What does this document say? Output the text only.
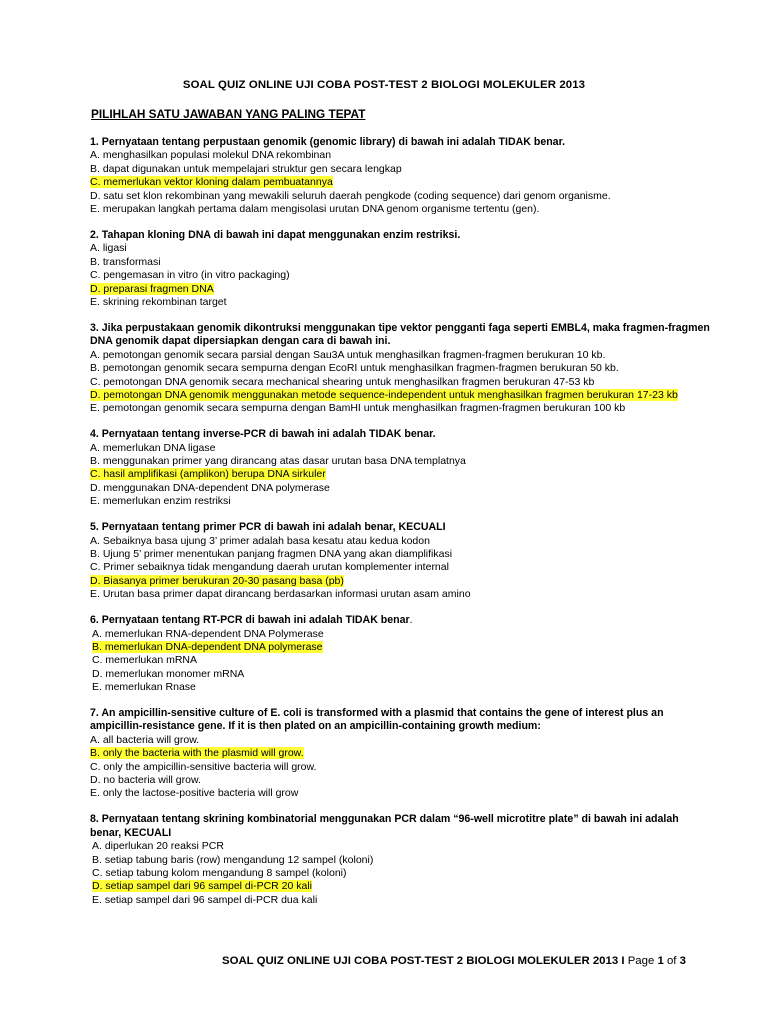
SOAL QUIZ ONLINE UJI COBA POST-TEST 2 BIOLOGI MOLEKULER 2013
PILIHLAH SATU JAWABAN YANG PALING TEPAT
1. Pernyataan tentang perpustaan genomik (genomic library) di bawah ini adalah TIDAK benar.
A. menghasilkan populasi molekul DNA rekombinan
B. dapat digunakan untuk mempelajari struktur gen secara lengkap
C. memerlukan vektor kloning dalam pembuatannya
D. satu set klon rekombinan yang mewakili seluruh daerah pengkode (coding sequence) dari genom organisme.
E. merupakan langkah pertama dalam mengisolasi urutan DNA genom organisme tertentu (gen).
2. Tahapan kloning DNA di bawah ini dapat menggunakan enzim restriksi.
A. ligasi
B. transformasi
C. pengemasan in vitro (in vitro packaging)
D. preparasi fragmen DNA
E. skrining rekombinan target
3. Jika perpustakaan genomik dikontruksi menggunakan tipe vektor pengganti faga seperti EMBL4, maka fragmen-fragmen DNA genomik dapat dipersiapkan dengan cara di bawah ini.
A. pemotongan genomik secara parsial dengan Sau3A untuk menghasilkan fragmen-fragmen berukuran 10 kb.
B. pemotongan genomik secara sempurna dengan EcoRI untuk menghasilkan fragmen-fragmen berukuran 50 kb.
C. pemotongan DNA genomik secara mechanical shearing untuk menghasilkan fragmen berukuran 47-53 kb
D. pemotongan DNA genomik menggunakan metode sequence-independent untuk menghasilkan fragmen berukuran 17-23 kb
E. pemotongan genomik secara sempurna dengan BamHI untuk menghasilkan fragmen-fragmen berukuran 100 kb
4. Pernyataan tentang inverse-PCR di bawah ini adalah TIDAK benar.
A. memerlukan DNA ligase
B. menggunakan primer yang dirancang atas dasar urutan basa DNA templatnya
C. hasil amplifikasi (amplikon) berupa DNA sirkuler
D. menggunakan DNA-dependent DNA polymerase
E. memerlukan enzim restriksi
5. Pernyataan tentang primer PCR di bawah ini adalah benar, KECUALI
A. Sebaiknya basa ujung 3’ primer adalah basa kesatu atau kedua kodon
B. Ujung 5’ primer menentukan panjang fragmen DNA yang akan diamplifikasi
C. Primer sebaiknya tidak mengandung daerah urutan komplementer internal
D. Biasanya primer berukuran 20-30 pasang basa (pb)
E. Urutan basa primer dapat dirancang berdasarkan informasi urutan asam amino
6. Pernyataan tentang RT-PCR di bawah ini adalah TIDAK benar.
A. memerlukan RNA-dependent DNA Polymerase
B. memerlukan DNA-dependent DNA polymerase
C. memerlukan mRNA
D. memerlukan monomer mRNA
E. memerlukan Rnase
7. An ampicillin-sensitive culture of E. coli is transformed with a plasmid that contains the gene of interest plus an ampicillin-resistance gene. If it is then plated on an ampicillin-containing growth medium:
A. all bacteria will grow.
B. only the bacteria with the plasmid will grow.
C. only the ampicillin-sensitive bacteria will grow.
D. no bacteria will grow.
E. only the lactose-positive bacteria will grow
8. Pernyataan tentang skrining kombinatorial menggunakan PCR dalam “96-well microtitre plate” di bawah ini adalah benar, KECUALI
A. diperlukan 20 reaksi PCR
B. setiap tabung baris (row) mengandung 12 sampel (koloni)
C. setiap tabung kolom mengandung 8 sampel (koloni)
D. setiap sampel dari 96 sampel di-PCR 20 kali
E. setiap sampel dari 96 sampel di-PCR dua kali
SOAL QUIZ ONLINE UJI COBA POST-TEST 2 BIOLOGI MOLEKULER 2013 I Page 1 of 3
